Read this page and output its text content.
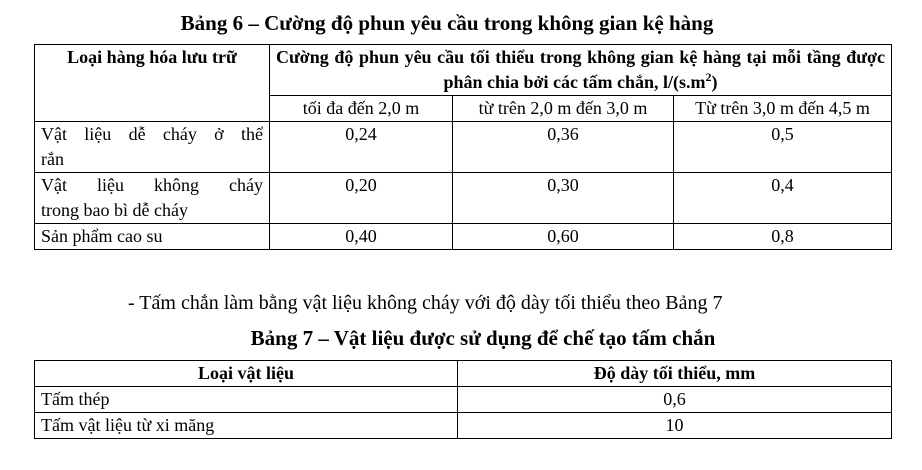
Bảng 6 – Cường độ phun yêu cầu trong không gian kệ hàng
Loại hàng hóa lưu trữ	Cường độ phun yêu cầu tối thiểu trong không gian kệ hàng tại mỗi tầng được phân chia bởi các tấm chắn, $l/(s.m^2)$		
	tối đa đến 2,0 m	từ trên 2,0 m đến 3,0 m	Từ trên 3,0 m đến 4,5 m

Vật liệu dễ cháy ở thể
rắn	0,24	0,36	0,5

Vật liệu không cháy
trong bao bì dễ cháy	0,20	0,30	0,4
Sản phẩm cao su	0,40	0,60	0,8
- Tấm chắn làm bằng vật liệu không cháy với độ dày tối thiểu theo Bảng 7
Bảng 7 – Vật liệu được sử dụng để chế tạo tấm chắn
Loại vật liệu	Độ dày tối thiểu, mm
Tấm thép	0,6
Tấm vật liệu từ xi măng	10
